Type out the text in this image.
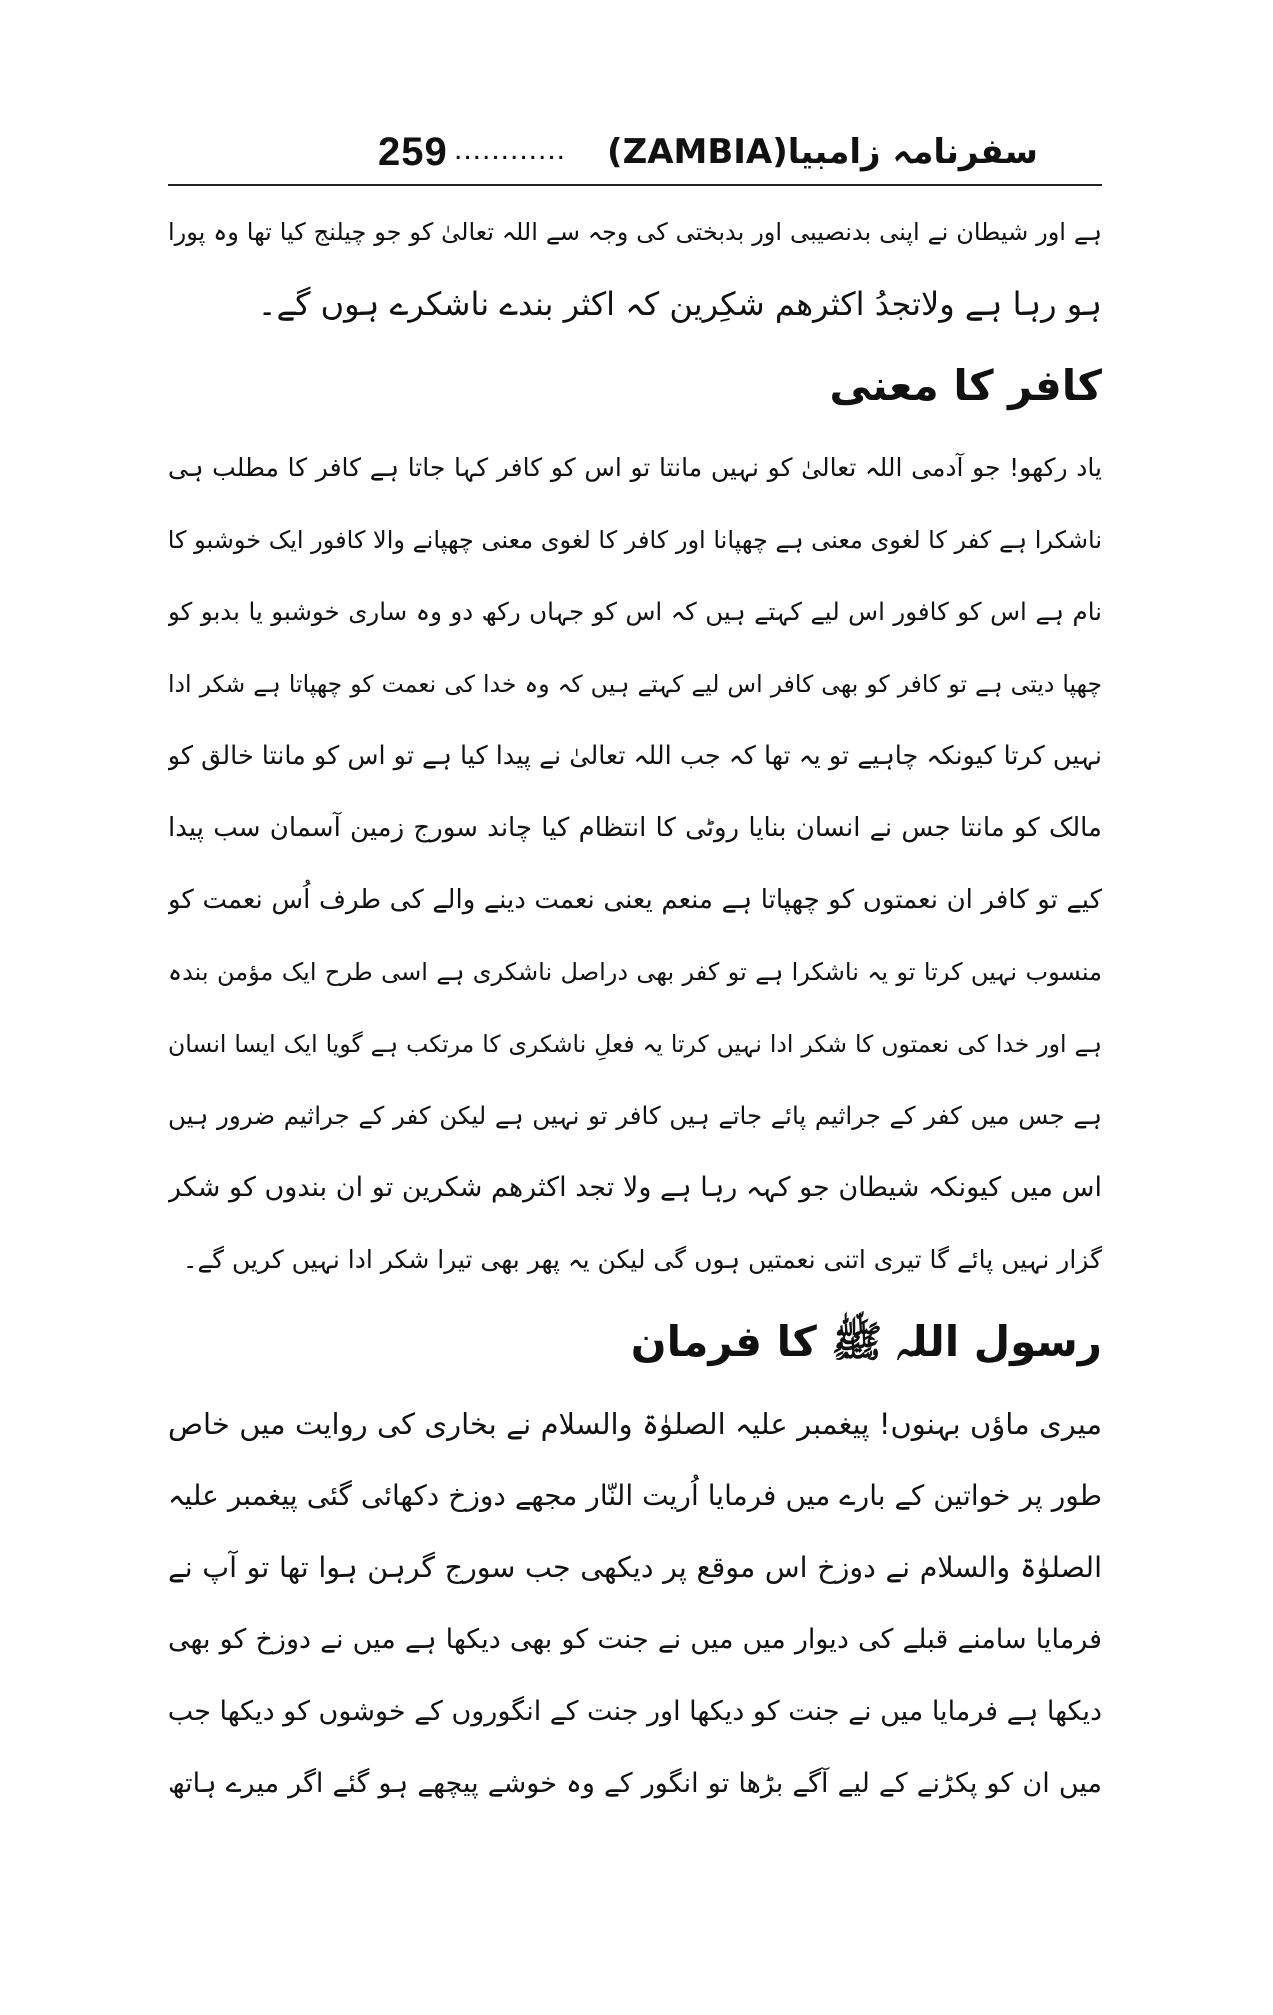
259 ............ سفرنامہ زامبیا(ZAMBIA)
ہے اور شیطان نے اپنی بدنصیبی اور بدبختی کی وجہ سے اللہ تعالیٰ کو جو چیلنج کیا تھا وہ پورا
ہو رہا ہے ولاتجدُ اکثرھم شکِرین کہ اکثر بندے ناشکرے ہوں گے۔
کافر کا معنی
یاد رکھو! جو آدمی اللہ تعالیٰ کو نہیں مانتا تو اس کو کافر کہا جاتا ہے کافر کا مطلب ہی
ناشکرا ہے کفر کا لغوی معنی ہے چھپانا اور کافر کا لغوی معنی چھپانے والا کافور ایک خوشبو کا
نام ہے اس کو کافور اس لیے کہتے ہیں کہ اس کو جہاں رکھ دو وہ ساری خوشبو یا بدبو کو
چھپا دیتی ہے تو کافر کو بھی کافر اس لیے کہتے ہیں کہ وہ خدا کی نعمت کو چھپاتا ہے شکر ادا
نہیں کرتا کیونکہ چاہیے تو یہ تھا کہ جب اللہ تعالیٰ نے پیدا کیا ہے تو اس کو مانتا خالق کو
مالک کو مانتا جس نے انسان بنایا روٹی کا انتظام کیا چاند سورج زمین آسمان سب پیدا
کیے تو کافر ان نعمتوں کو چھپاتا ہے منعم یعنی نعمت دینے والے کی طرف اُس نعمت کو
منسوب نہیں کرتا تو یہ ناشکرا ہے تو کفر بھی دراصل ناشکری ہے اسی طرح ایک مؤمن بندہ
ہے اور خدا کی نعمتوں کا شکر ادا نہیں کرتا یہ فعلِ ناشکری کا مرتکب ہے گویا ایک ایسا انسان
ہے جس میں کفر کے جراثیم پائے جاتے ہیں کافر تو نہیں ہے لیکن کفر کے جراثیم ضرور ہیں
اس میں کیونکہ شیطان جو کہہ رہا ہے ولا تجد اکثرھم شکرین تو ان بندوں کو شکر
گزار نہیں پائے گا تیری اتنی نعمتیں ہوں گی لیکن یہ پھر بھی تیرا شکر ادا نہیں کریں گے۔
رسول اللہ ﷺ کا فرمان
میری ماؤں بہنوں! پیغمبر علیہ الصلوٰۃ والسلام نے بخاری کی روایت میں خاص
طور پر خواتین کے بارے میں فرمایا اُریت النّار مجھے دوزخ دکھائی گئی پیغمبر علیہ
الصلوٰۃ والسلام نے دوزخ اس موقع پر دیکھی جب سورج گرہن ہوا تھا تو آپ نے
فرمایا سامنے قبلے کی دیوار میں میں نے جنت کو بھی دیکھا ہے میں نے دوزخ کو بھی
دیکھا ہے فرمایا میں نے جنت کو دیکھا اور جنت کے انگوروں کے خوشوں کو دیکھا جب
میں ان کو پکڑنے کے لیے آگے بڑھا تو انگور کے وہ خوشے پیچھے ہو گئے اگر میرے ہاتھ
